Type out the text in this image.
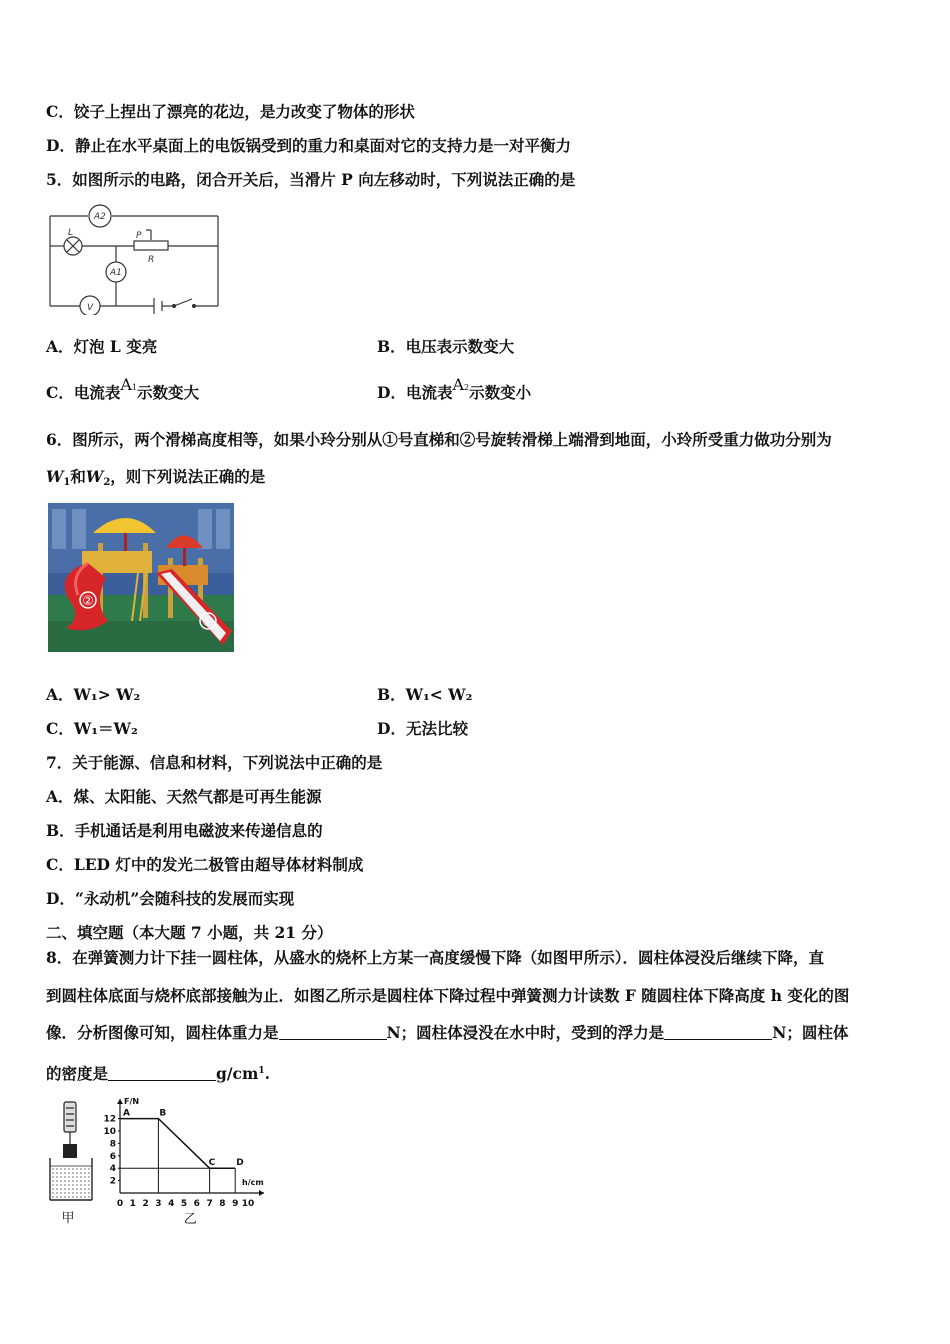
C．饺子上捏出了漂亮的花边，是力改变了物体的形状
D．静止在水平桌面上的电饭锅受到的重力和桌面对它的支持力是一对平衡力
5．如图所示的电路，闭合开关后，当滑片 P 向左移动时，下列说法正确的是
A2
A1
V
L	P
R
A．灯泡 L 变亮	B．电压表示数变大
C．电流表A1示数变大	D．电流表A2示数变小
6．图所示，两个滑梯高度相等，如果小玲分别从①号直梯和②号旋转滑梯上端滑到地面，小玲所受重力做功分别为
$W_1$和$W_2$，则下列说法正确的是
②
①
A．W₁> W₂	B．W₁< W₂
C．W₁＝W₂	D．无法比较
7．关于能源、信息和材料，下列说法中正确的是
A．煤、太阳能、天然气都是可再生能源
B．手机通话是利用电磁波来传递信息的
C．LED 灯中的发光二极管由超导体材料制成
D．“永动机”会随科技的发展而实现
二、填空题（本大题 7 小题，共 21 分）
8．在弹簧测力计下挂一圆柱体，从盛水的烧杯上方某一高度缓慢下降（如图甲所示）．圆柱体浸没后继续下降，直
到圆柱体底面与烧杯底部接触为止．如图乙所示是圆柱体下降过程中弹簧测力计读数 F 随圆柱体下降高度 h 变化的图
像．分析图像可知，圆柱体重力是	N；圆柱体浸没在水中时，受到的浮力是	N；圆柱体
的密度是	$g/cm^1$.
甲
F/N
h/cm
0 1 2 3 4 5 6 7 8 9 10
2
4
6
8
10
12
A	B
C D
乙
